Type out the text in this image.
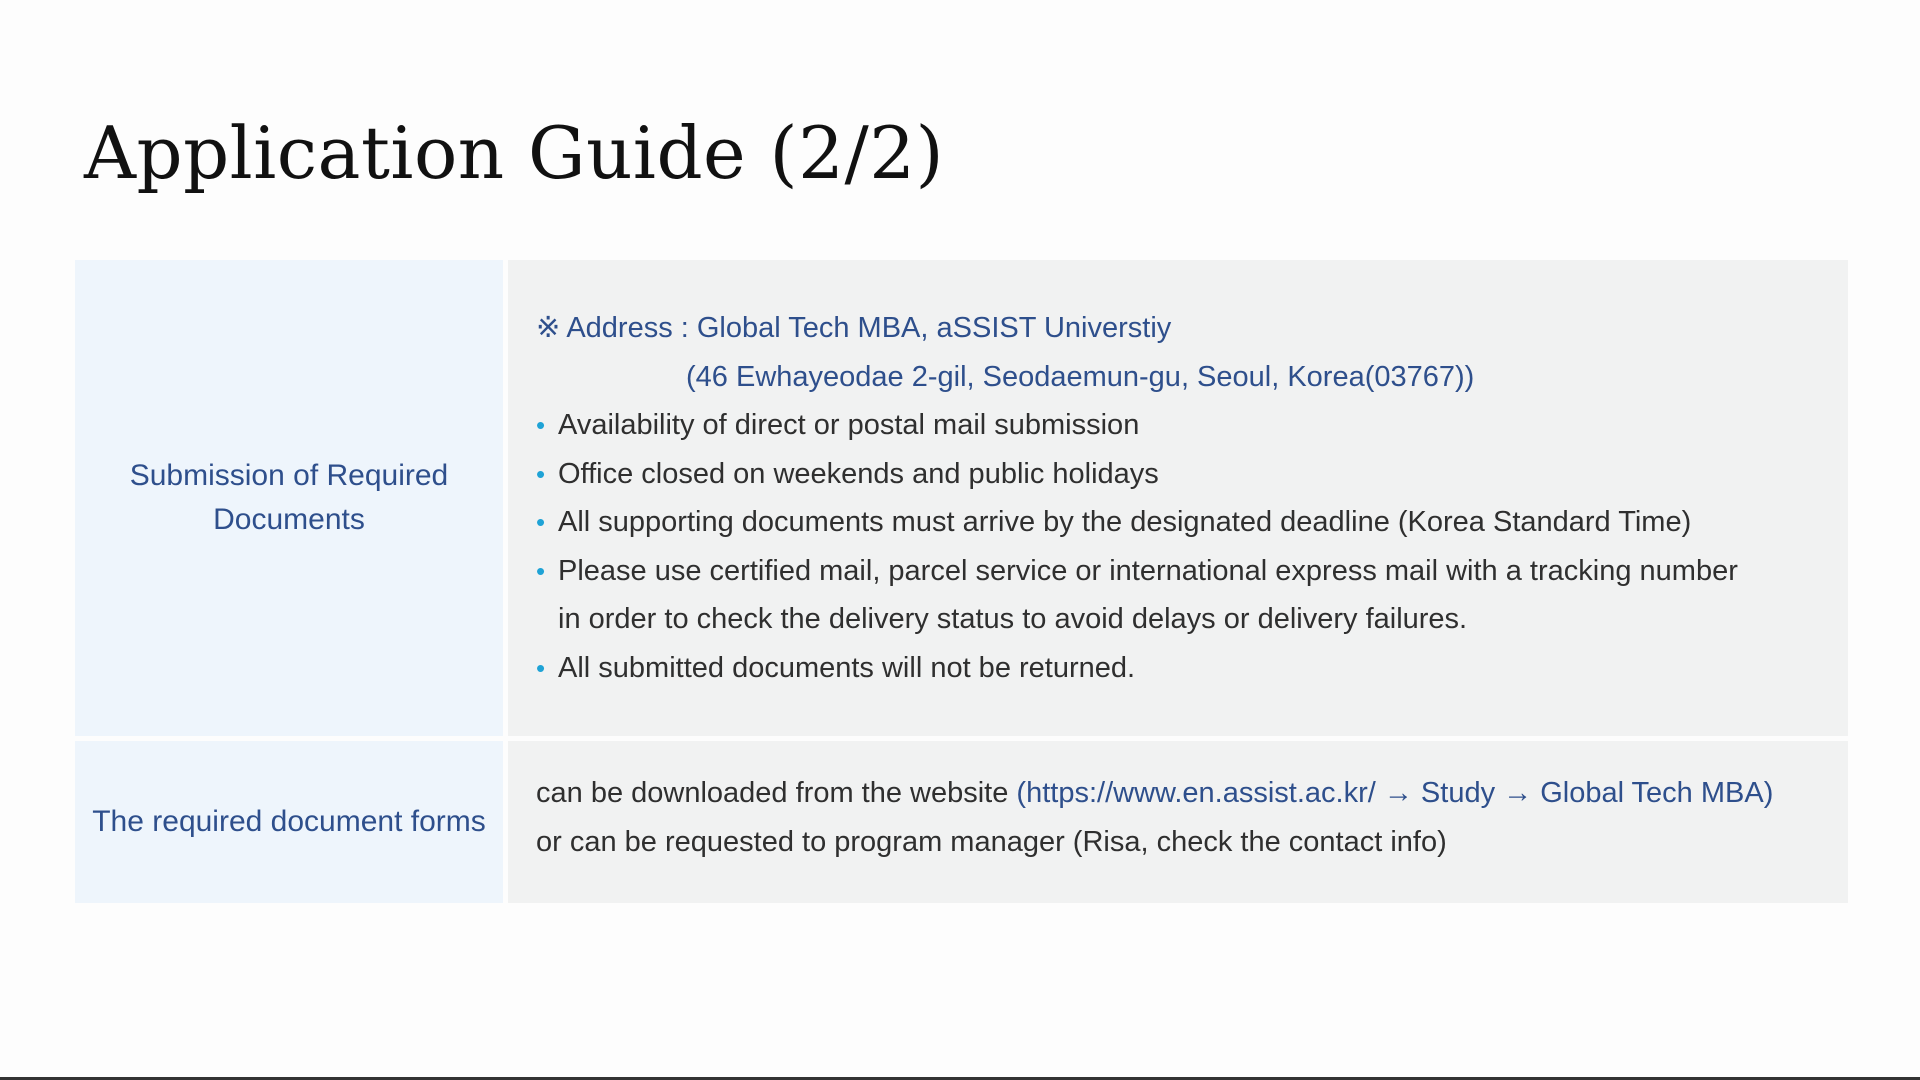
Application Guide (2/2)
Submission of Required Documents
※ Address : Global Tech MBA, aSSIST Universtiy
(46 Ewhayeodae 2-gil, Seodaemun-gu, Seoul, Korea(03767))
• Availability of direct or postal mail submission
• Office closed on weekends and public holidays
• All supporting documents must arrive by the designated deadline (Korea Standard Time)
• Please use certified mail, parcel service or international express mail with a tracking number
in order to check the delivery status to avoid delays or delivery failures.
• All submitted documents will not be returned.
The required document forms
can be downloaded from the website (https://www.en.assist.ac.kr/ → Study → Global Tech MBA)
or can be requested to program manager (Risa, check the contact info)
